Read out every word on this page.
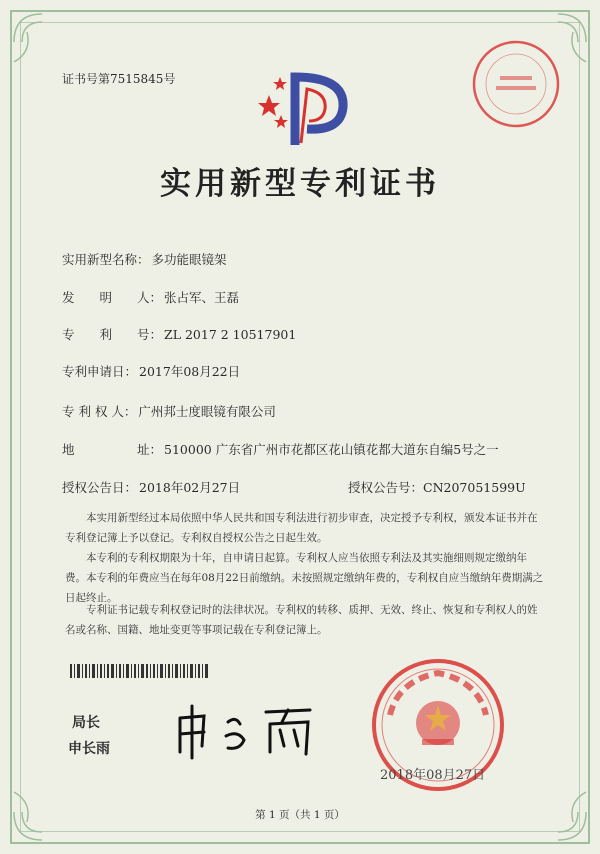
证书号第7515845号
实用新型专利证书
实用新型名称： 多功能眼镜架
发　　明　　人： 张占军、王磊
专　　利　　号： ZL 2017 2 10517901
专利申请日： 2017年08月22日
专 利 权 人： 广州邦士度眼镜有限公司
地　　　　　址： 510000 广东省广州市花都区花山镇花都大道东自编5号之一
授权公告日： 2018年02月27日	授权公告号：CN207051599U
本实用新型经过本局依照中华人民共和国专利法进行初步审查，决定授予专利权，颁发本证书并在专利登记簿上予以登记。专利权自授权公告之日起生效。
本专利的专利权期限为十年，自申请日起算。专利权人应当依照专利法及其实施细则规定缴纳年费。本专利的年费应当在每年08月22日前缴纳。未按照规定缴纳年费的，专利权自应当缴纳年费期满之日起终止。
专利证书记载专利权登记时的法律状况。专利权的转移、质押、无效、终止、恢复和专利权人的姓名或名称、国籍、地址变更等事项记载在专利登记簿上。
局长
申长雨
2018年08月27日
第 1 页（共 1 页）
